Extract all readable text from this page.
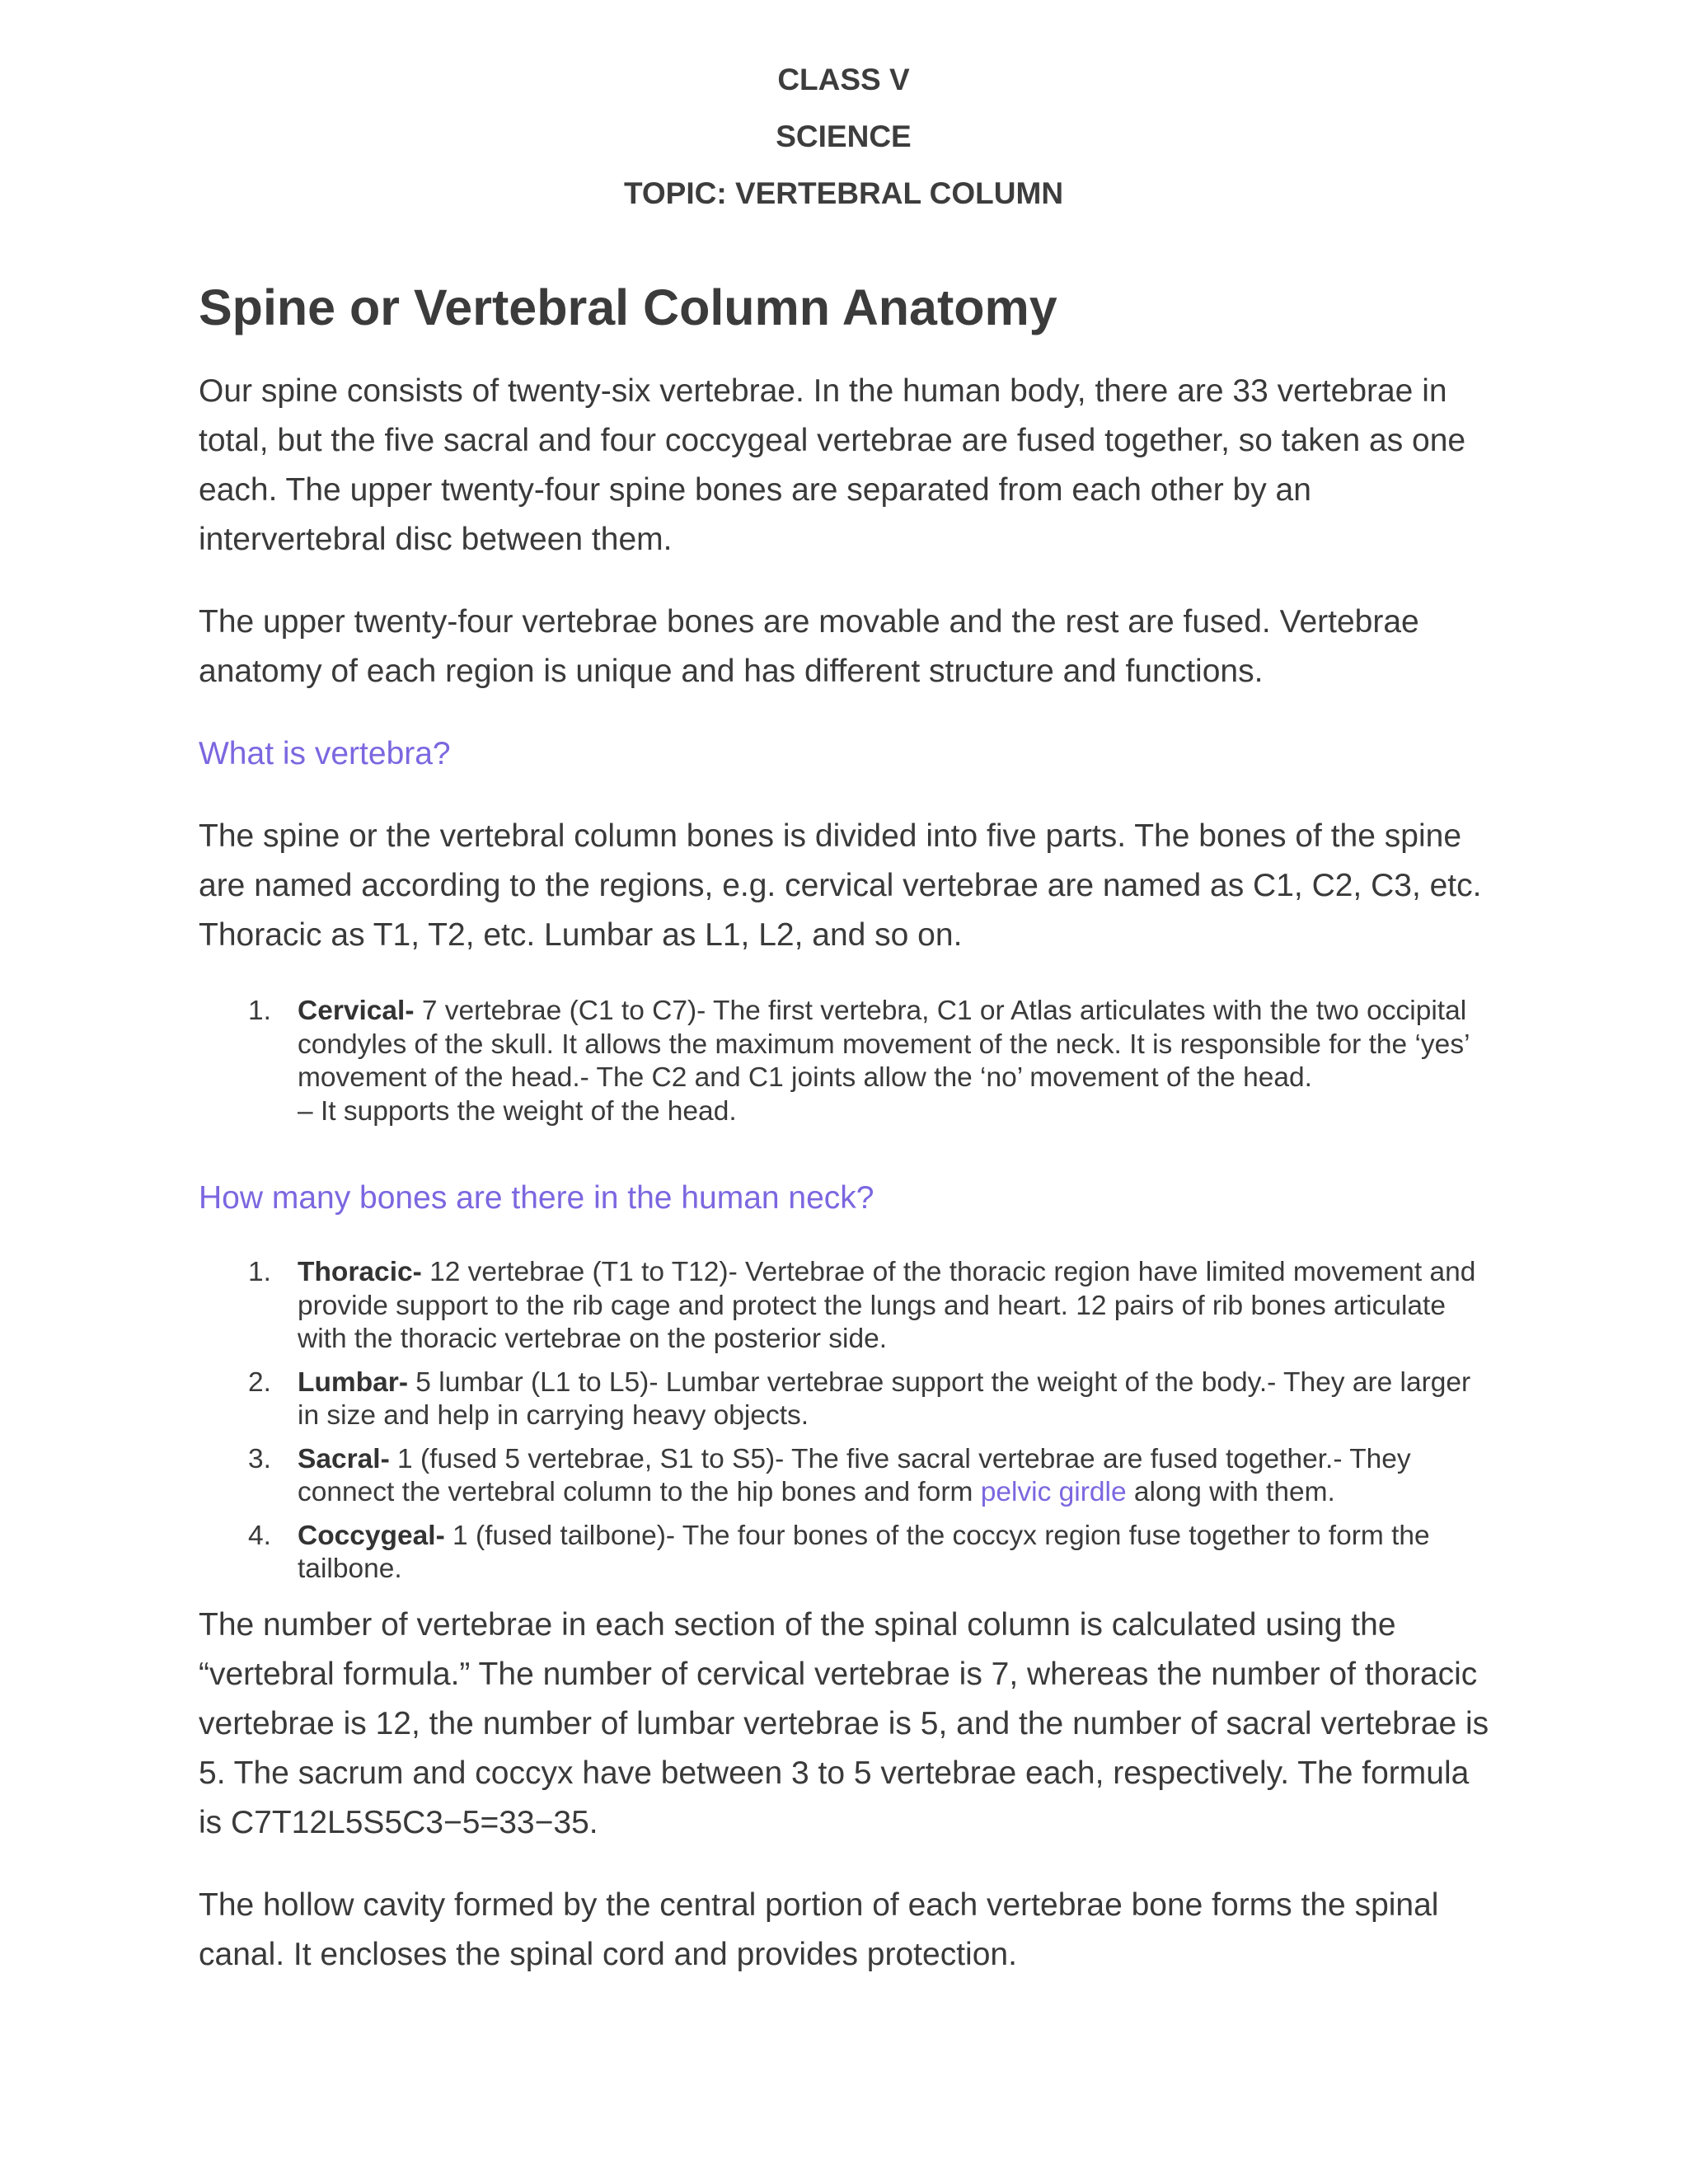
CLASS V
SCIENCE
TOPIC: VERTEBRAL COLUMN
Spine or Vertebral Column Anatomy

Our spine consists of twenty-six vertebrae. In the human body, there are 33 vertebrae in total, but the five sacral and four coccygeal vertebrae are fused together, so taken as one each. The upper twenty-four spine bones are separated from each other by an intervertebral disc between them.

The upper twenty-four vertebrae bones are movable and the rest are fused. Vertebrae anatomy of each region is unique and has different structure and functions.

What is vertebra?

The spine or the vertebral column bones is divided into five parts. The bones of the spine are named according to the regions, e.g. cervical vertebrae are named as C1, C2, C3, etc. Thoracic as T1, T2, etc. Lumbar as L1, L2, and so on.

1. Cervical- 7 vertebrae (C1 to C7)- The first vertebra, C1 or Atlas articulates with the two occipital condyles of the skull. It allows the maximum movement of the neck. It is responsible for the ‘yes’ movement of the head.- The C2 and C1 joints allow the ‘no’ movement of the head.
– It supports the weight of the head.
How many bones are there in the human neck?
1. Thoracic- 12 vertebrae (T1 to T12)- Vertebrae of the thoracic region have limited movement and provide support to the rib cage and protect the lungs and heart. 12 pairs of rib bones articulate with the thoracic vertebrae on the posterior side.
2. Lumbar- 5 lumbar (L1 to L5)- Lumbar vertebrae support the weight of the body.- They are larger in size and help in carrying heavy objects.
3. Sacral- 1 (fused 5 vertebrae, S1 to S5)- The five sacral vertebrae are fused together.- They connect the vertebral column to the hip bones and form pelvic girdle along with them.
4. Coccygeal- 1 (fused tailbone)- The four bones of the coccyx region fuse together to form the tailbone.

The number of vertebrae in each section of the spinal column is calculated using the “vertebral formula.” The number of cervical vertebrae is 7, whereas the number of thoracic vertebrae is 12, the number of lumbar vertebrae is 5, and the number of sacral vertebrae is 5. The sacrum and coccyx have between 3 to 5 vertebrae each, respectively. The formula is C7T12L5S5C3−5=33−35.

The hollow cavity formed by the central portion of each vertebrae bone forms the spinal canal. It encloses the spinal cord and provides protection.
